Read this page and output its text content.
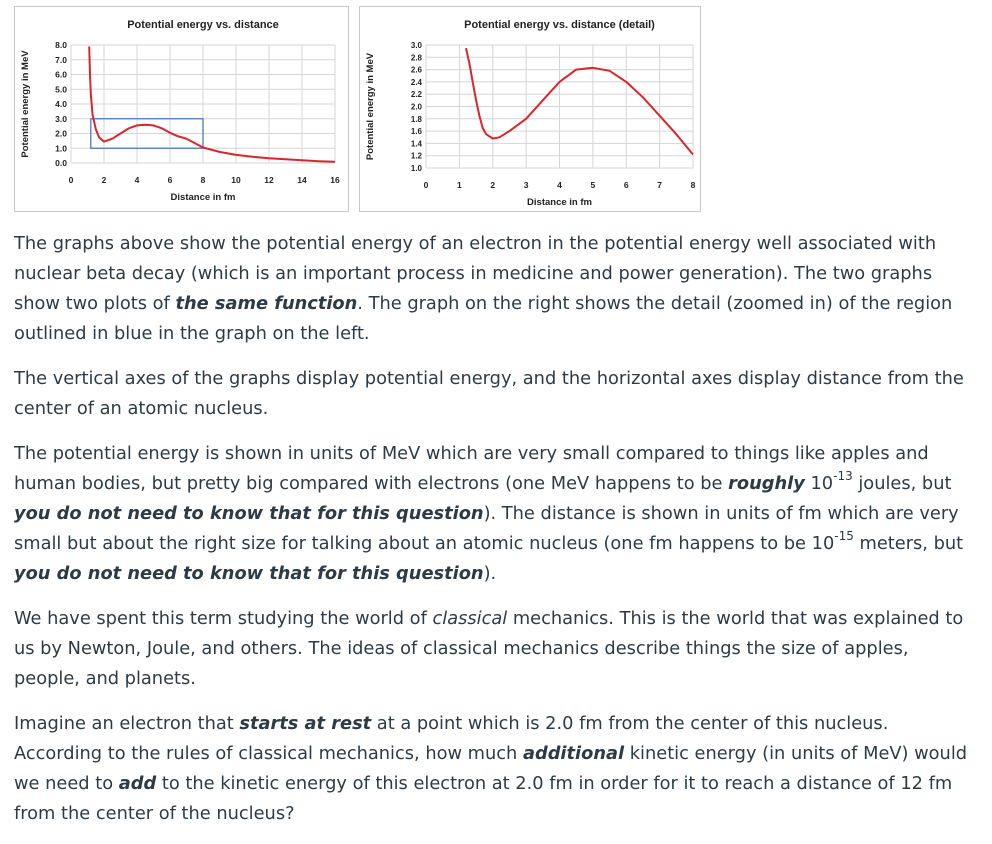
Potential energy vs. distance
0	2	4	6	8	10	12	14	16
0.0
1.0
2.0
3.0
4.0
5.0
6.0
7.0
8.0
Distance in fm
Potential energy in MeV
Potential energy vs. distance (detail)
0	1	2	3	4	5	6	7	8
1.0
1.2
1.4
1.6
1.8
2.0
2.2
2.4
2.6
2.8
3.0
Distance in fm
Potential energy in MeV

The graphs above show the potential energy of an electron in the potential energy well associated with nuclear beta decay (which is an important process in medicine and power generation). The two graphs show two plots of the same function. The graph on the right shows the detail (zoomed in) of the region outlined in blue in the graph on the left.

The vertical axes of the graphs display potential energy, and the horizontal axes display distance from the center of an atomic nucleus.

The potential energy is shown in units of MeV which are very small compared to things like apples and human bodies, but pretty big compared with electrons (one MeV happens to be roughly $10^{-13}$ joules, but you do not need to know that for this question). The distance is shown in units of fm which are very small but about the right size for talking about an atomic nucleus (one fm happens to be $10^{-15}$ meters, but you do not need to know that for this question).

We have spent this term studying the world of classical mechanics. This is the world that was explained to us by Newton, Joule, and others. The ideas of classical mechanics describe things the size of apples, people, and planets.

Imagine an electron that starts at rest at a point which is 2.0 fm from the center of this nucleus. According to the rules of classical mechanics, how much additional kinetic energy (in units of MeV) would we need to add to the kinetic energy of this electron at 2.0 fm in order for it to reach a distance of 12 fm from the center of the nucleus?
